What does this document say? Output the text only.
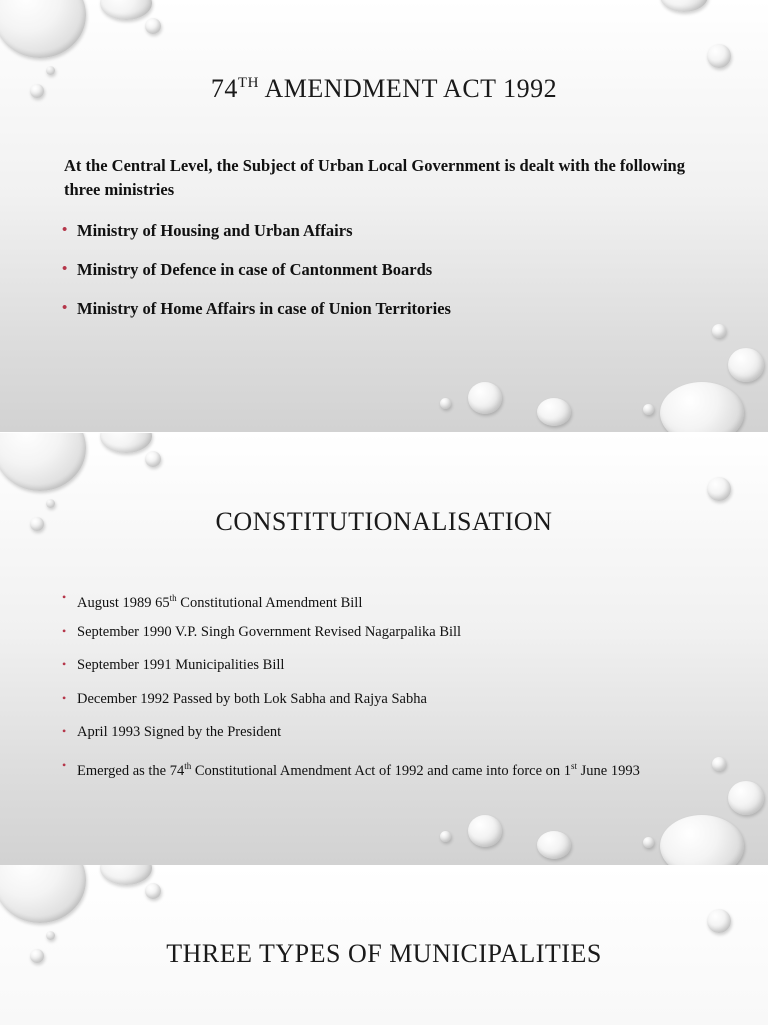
74TH AMENDMENT ACT 1992

At the Central Level, the Subject of Urban Local Government is dealt with the following three ministries

• Ministry of Housing and Urban Affairs
• Ministry of Defence in case of Cantonment Boards
• Ministry of Home Affairs in case of Union Territories
CONSTITUTIONALISATION
• August 1989 65th Constitutional Amendment Bill
• September 1990 V.P. Singh Government Revised Nagarpalika Bill
• September 1991 Municipalities Bill
• December 1992 Passed by both Lok Sabha and Rajya Sabha
• April 1993 Signed by the President
• Emerged as the 74th Constitutional Amendment Act of 1992 and came into force on 1st June 1993
THREE TYPES OF MUNICIPALITIES
